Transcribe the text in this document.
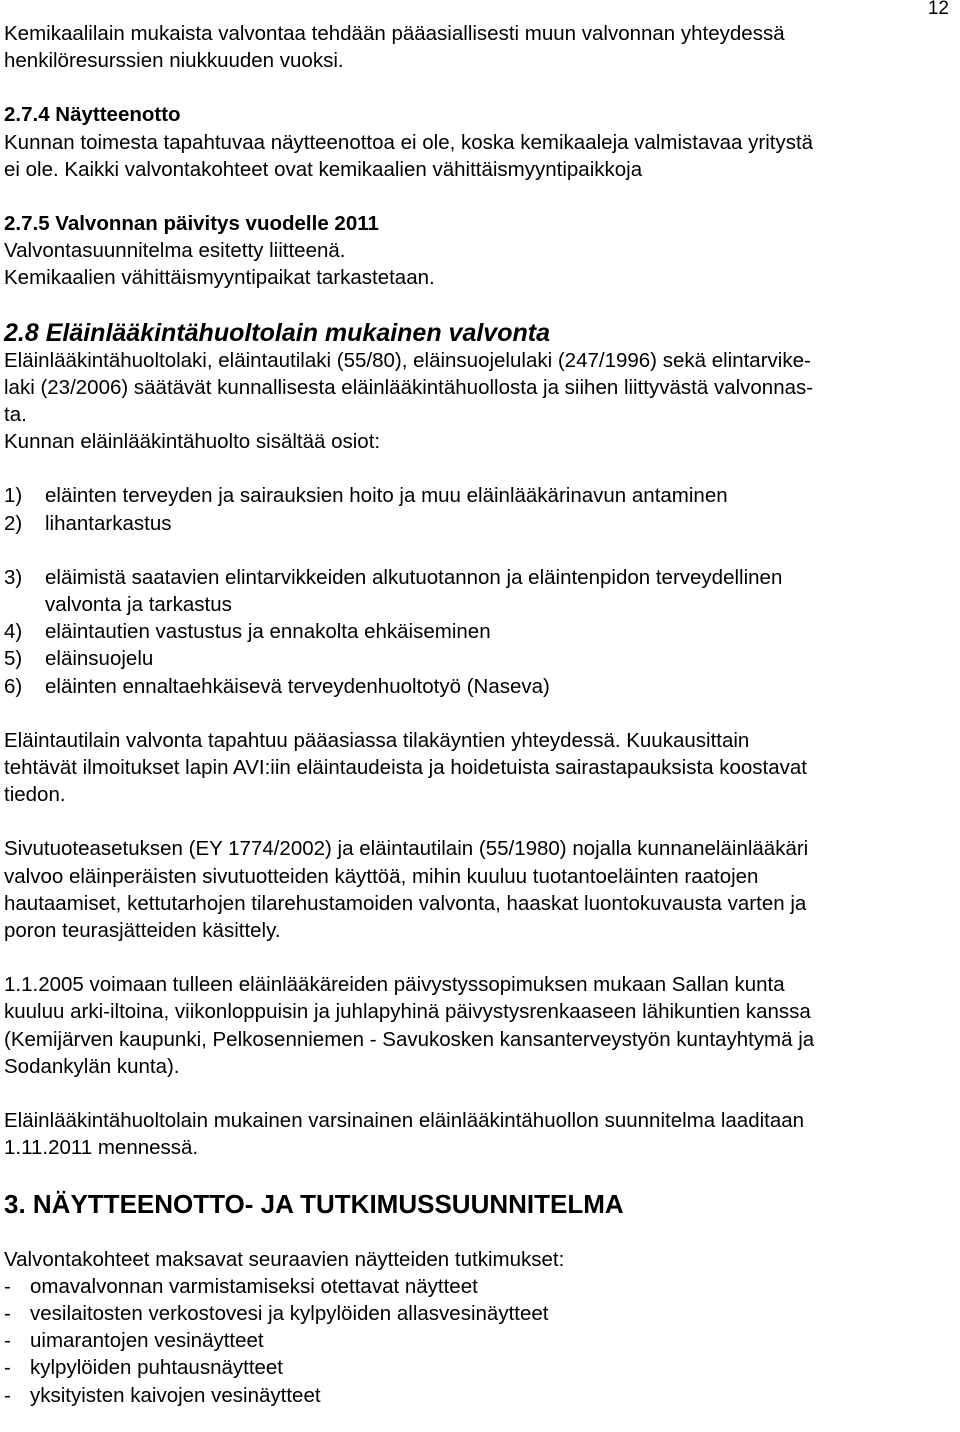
12

Kemikaalilain mukaista valvontaa tehdään pääasiallisesti muun valvonnan yhteydessä
henkilöresurssien niukkuuden vuoksi.

2.7.4 Näytteenotto

Kunnan toimesta tapahtuvaa näytteenottoa ei ole, koska kemikaaleja valmistavaa yritystä
ei ole. Kaikki valvontakohteet ovat kemikaalien vähittäismyyntipaikkoja

2.7.5 Valvonnan päivitys vuodelle 2011

Valvontasuunnitelma esitetty liitteenä.
Kemikaalien vähittäismyyntipaikat tarkastetaan.

2.8 Eläinlääkintähuoltolain mukainen valvonta

Eläinlääkintähuoltolaki, eläintautilaki (55/80), eläinsuojelulaki (247/1996) sekä elintarvike-
laki (23/2006) säätävät kunnallisesta eläinlääkintähuollosta ja siihen liittyvästä valvonnas-
ta.

Kunnan eläinlääkintähuolto sisältää osiot:

1)	eläinten terveyden ja sairauksien hoito ja muu eläinlääkärinavun antaminen
2)	lihantarkastus
3)	eläimistä saatavien elintarvikkeiden alkutuotannon ja eläintenpidon terveydellinen
valvonta ja tarkastus
4)	eläintautien vastustus ja ennakolta ehkäiseminen
5)	eläinsuojelu
6)	eläinten ennaltaehkäisevä terveydenhuoltotyö (Naseva)

Eläintautilain valvonta tapahtuu pääasiassa tilakäyntien yhteydessä. Kuukausittain
tehtävät ilmoitukset lapin AVI:iin eläintaudeista ja hoidetuista sairastapauksista koostavat
tiedon.

Sivutuoteasetuksen (EY 1774/2002) ja eläintautilain (55/1980) nojalla kunnaneläinlääkäri
valvoo eläinperäisten sivutuotteiden käyttöä, mihin kuuluu tuotantoeläinten raatojen
hautaamiset, kettutarhojen tilarehustamoiden valvonta, haaskat luontokuvausta varten ja
poron teurasjätteiden käsittely.

1.1.2005 voimaan tulleen eläinlääkäreiden päivystyssopimuksen mukaan Sallan kunta
kuuluu arki-iltoina, viikonloppuisin ja juhlapyhinä päivystysrenkaaseen lähikuntien kanssa
(Kemijärven kaupunki, Pelkosenniemen - Savukosken kansanterveystyön kuntayhtymä ja
Sodankylän kunta).

Eläinlääkintähuoltolain mukainen varsinainen eläinlääkintähuollon suunnitelma laaditaan
1.11.2011 mennessä.

3. NÄYTTEENOTTO- JA TUTKIMUSSUUNNITELMA

Valvontakohteet maksavat seuraavien näytteiden tutkimukset:

- omavalvonnan varmistamiseksi otettavat näytteet
- vesilaitosten verkostovesi ja kylpylöiden allasvesinäytteet
- uimarantojen vesinäytteet
- kylpylöiden puhtausnäytteet
- yksityisten kaivojen vesinäytteet
